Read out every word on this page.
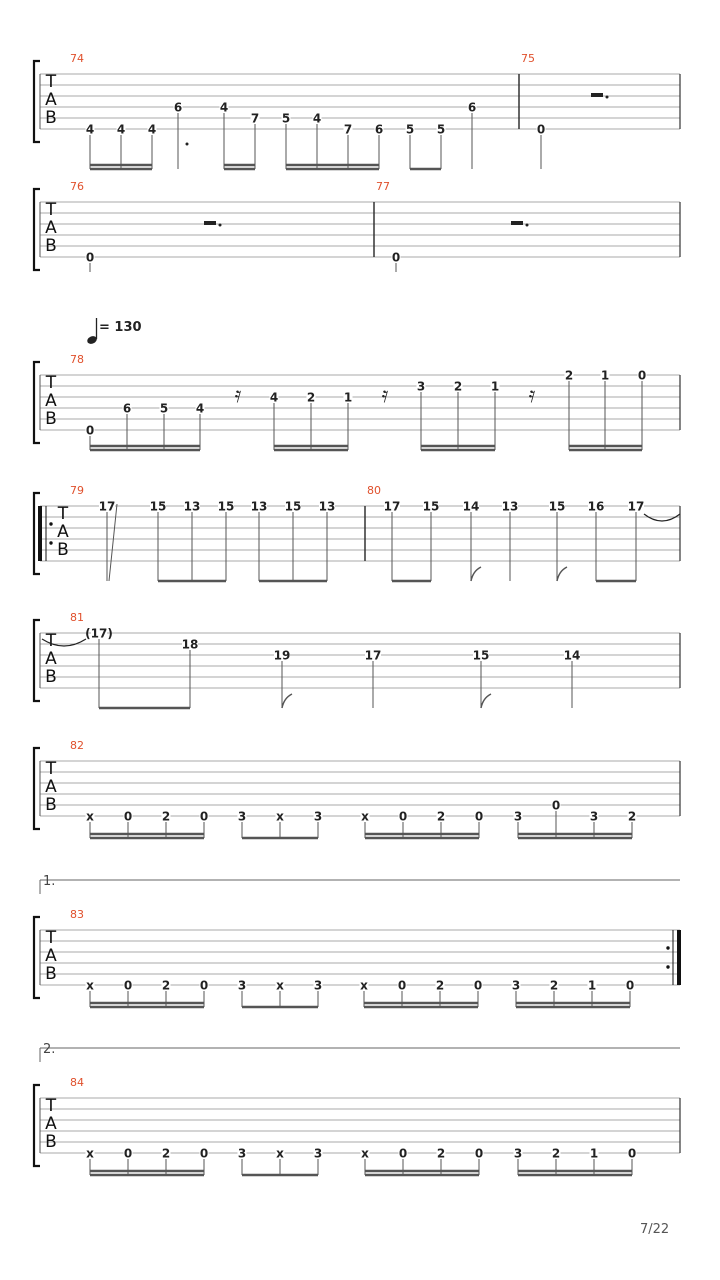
T
A
B
74
4 4 4
6	4
7 5 4
7 6 5 5
6
75
0
T
A
B
76
0
77
0
T
A
B
= 130
78
0
6 5 4
4 2 1
3 2 1
2 1 0
𝄿	𝄿	𝄿
T
A
B
79
17	15 13 15 13 15 13
80
17 15 14 13	15 16 17
T
A
B
81
(17)
18
19	17	15	14
T
A
B
82
x 0 2 0 3 x 3	x 0 2 0	3
0
3 2
T
A
B
1.
83
x 0 2 0 3 x 3	x 0 2 0 3 2 1 0
T
A
B
2.
84
x 0 2 0 3 x 3	x 0 2 0	3 2 1 0
7/22
